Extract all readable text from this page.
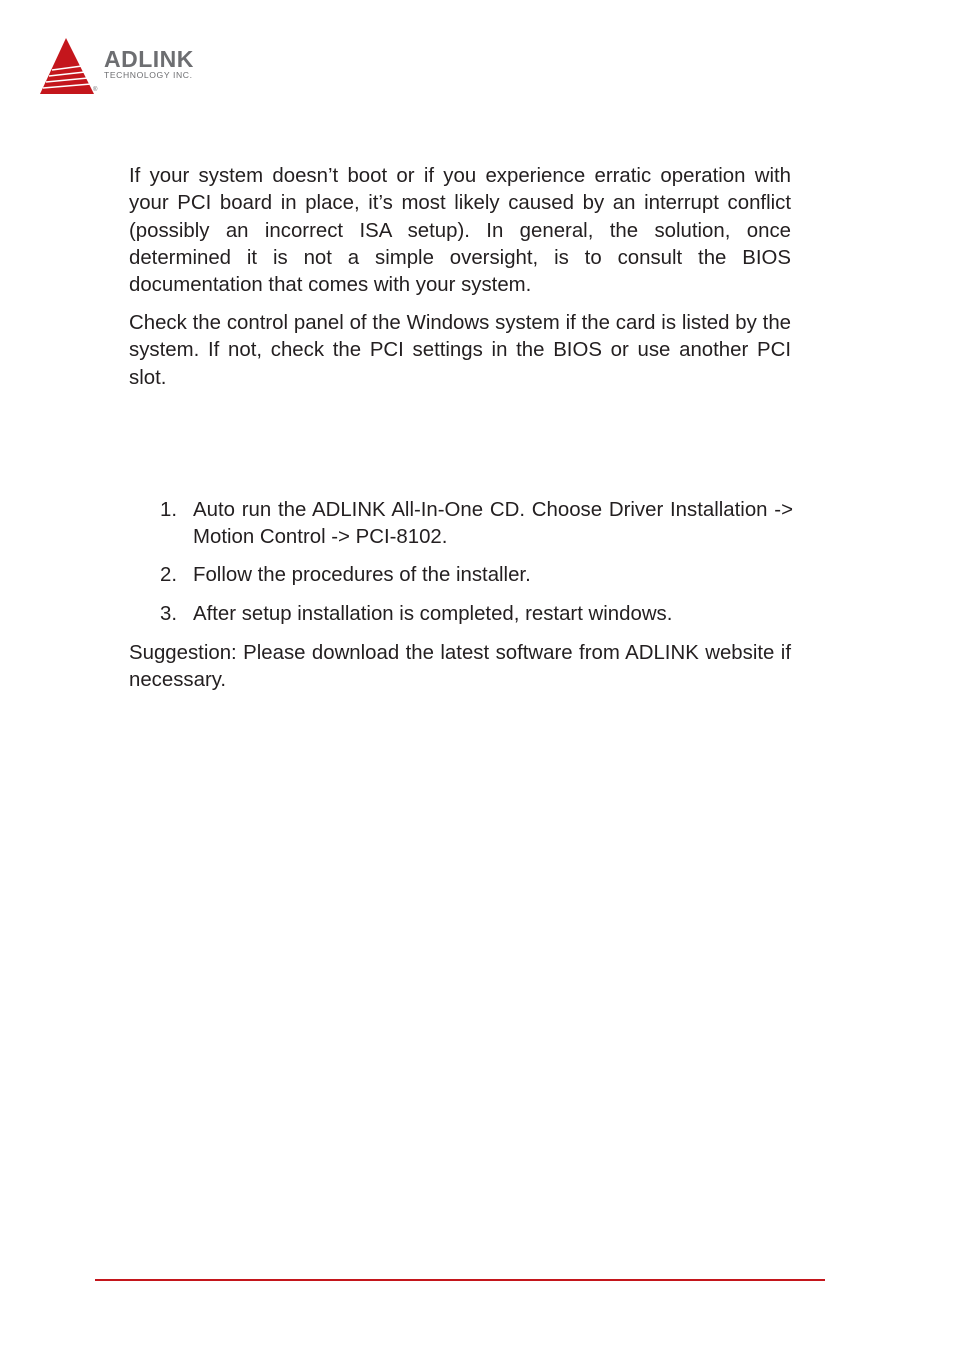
ADLINK
TECHNOLOGY INC.
®

If your system doesn’t boot or if you experience erratic operation with your PCI board in place, it’s most likely caused by an interrupt conflict (possibly an incorrect ISA setup). In general, the solution, once determined it is not a simple oversight, is to consult the BIOS documentation that comes with your system.

Check the control panel of the Windows system if the card is listed by the system. If not, check the PCI settings in the BIOS or use another PCI slot.

1. Auto run the ADLINK All-In-One CD. Choose Driver Installation -> Motion Control -> PCI-8102.
2. Follow the procedures of the installer.
3. After setup installation is completed, restart windows.

Suggestion: Please download the latest software from ADLINK website if necessary.
